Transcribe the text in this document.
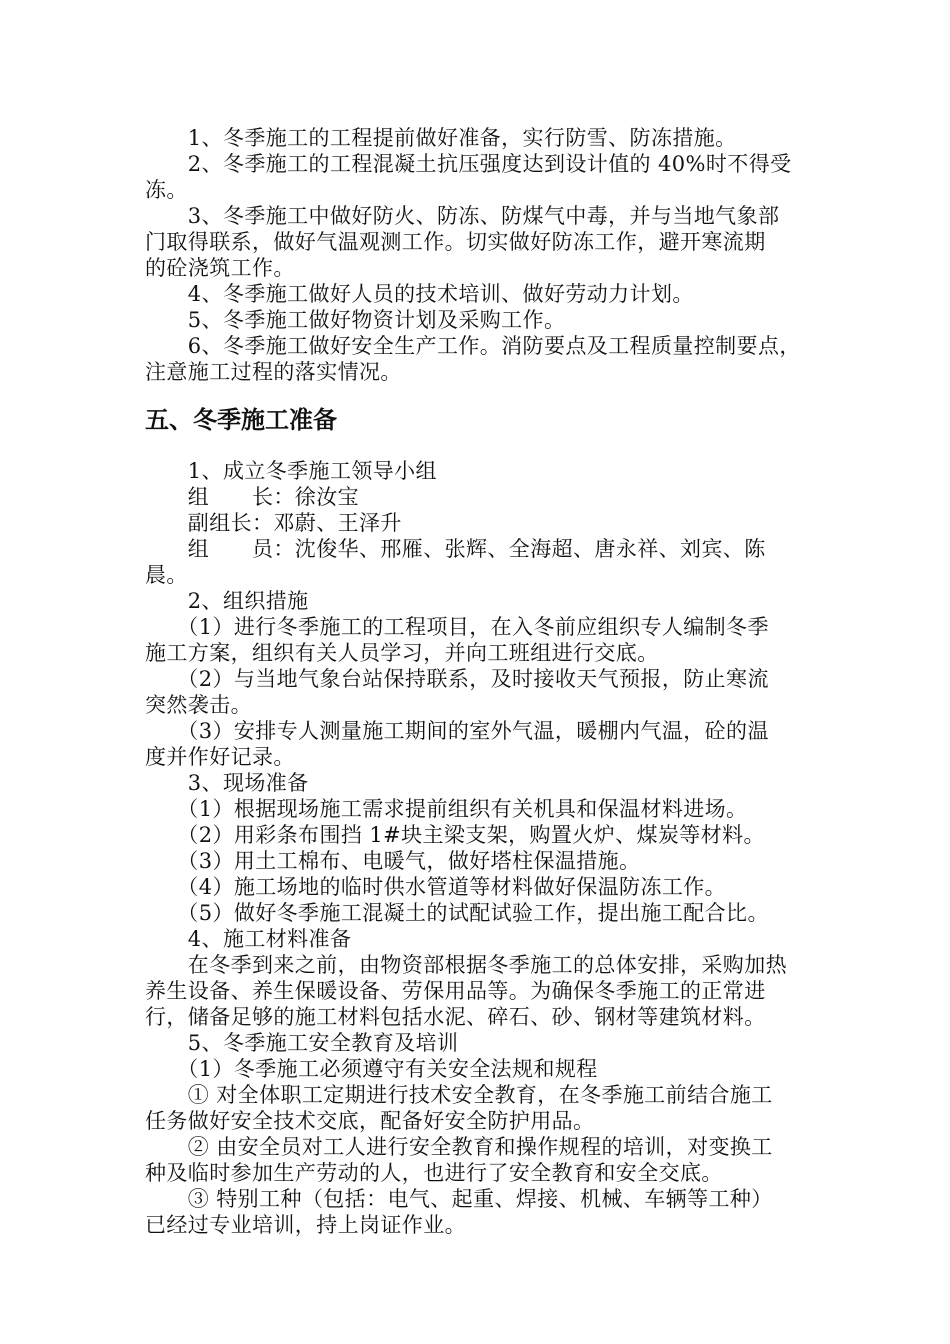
　　1、冬季施工的工程提前做好准备，实行防雪、防冻措施。
　　2、冬季施工的工程混凝土抗压强度达到设计值的 40%时不得受
冻。
　　3、冬季施工中做好防火、防冻、防煤气中毒，并与当地气象部
门取得联系，做好气温观测工作。切实做好防冻工作，避开寒流期
的砼浇筑工作。
　　4、冬季施工做好人员的技术培训、做好劳动力计划。
　　5、冬季施工做好物资计划及采购工作。
　　6、冬季施工做好安全生产工作。消防要点及工程质量控制要点，
注意施工过程的落实情况。
五、冬季施工准备
　　1、成立冬季施工领导小组
　　组　　长：徐汝宝
　　副组长：邓蔚、王泽升
　　组　　员：沈俊华、邢雁、张辉、全海超、唐永祥、刘宾、陈
晨。
　　2、组织措施
　　（1）进行冬季施工的工程项目，在入冬前应组织专人编制冬季
施工方案，组织有关人员学习，并向工班组进行交底。
　　（2）与当地气象台站保持联系，及时接收天气预报，防止寒流
突然袭击。
　　（3）安排专人测量施工期间的室外气温，暖棚内气温，砼的温
度并作好记录。
　　3、现场准备
　　（1）根据现场施工需求提前组织有关机具和保温材料进场。
　　（2）用彩条布围挡 1#块主梁支架，购置火炉、煤炭等材料。
　　（3）用土工棉布、电暖气，做好塔柱保温措施。
　　（4）施工场地的临时供水管道等材料做好保温防冻工作。
　　（5）做好冬季施工混凝土的试配试验工作，提出施工配合比。
　　4、施工材料准备
　　在冬季到来之前，由物资部根据冬季施工的总体安排，采购加热
养生设备、养生保暖设备、劳保用品等。为确保冬季施工的正常进
行，储备足够的施工材料包括水泥、碎石、砂、钢材等建筑材料。
　　5、冬季施工安全教育及培训
　　（1）冬季施工必须遵守有关安全法规和规程
　　① 对全体职工定期进行技术安全教育，在冬季施工前结合施工
任务做好安全技术交底，配备好安全防护用品。
　　② 由安全员对工人进行安全教育和操作规程的培训，对变换工
种及临时参加生产劳动的人，也进行了安全教育和安全交底。
　　③ 特别工种（包括：电气、起重、焊接、机械、车辆等工种）
已经过专业培训，持上岗证作业。
